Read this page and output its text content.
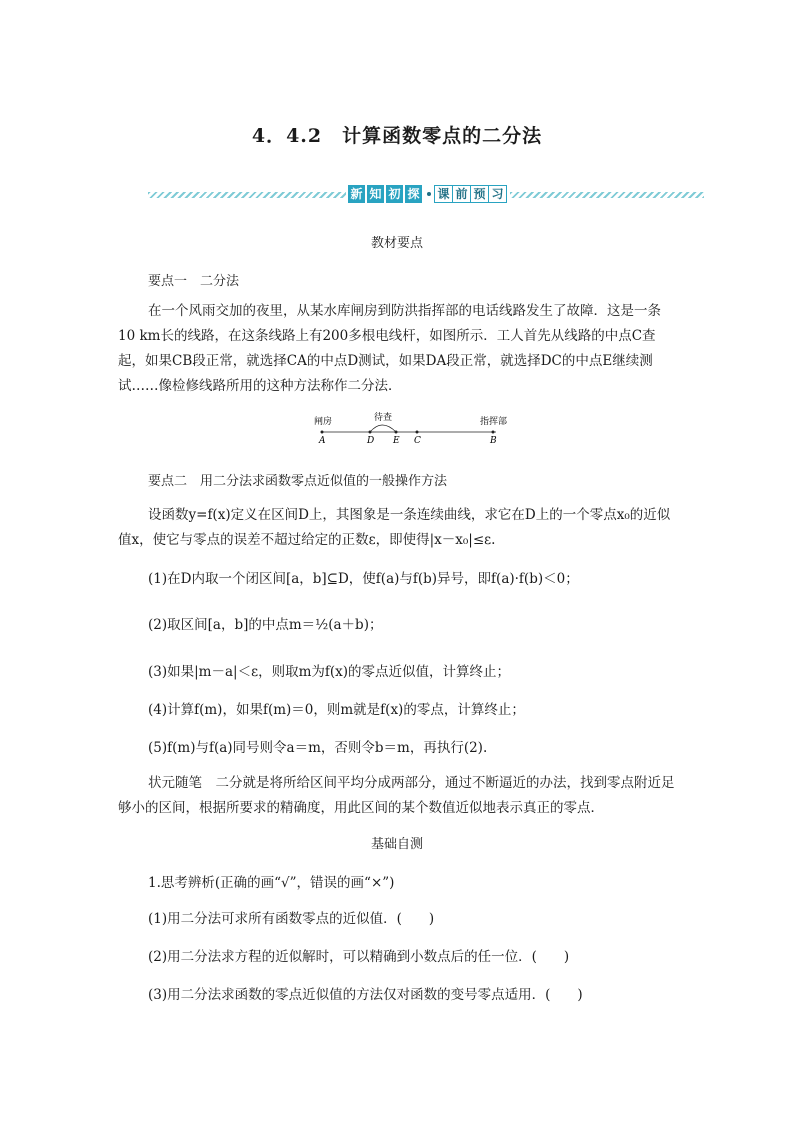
4．4.2　计算函数零点的二分法
新 知 初 探 课 前 预 习
教材要点
要点一　二分法
在一个风雨交加的夜里，从某水库闸房到防洪指挥部的电话线路发生了故障．这是一条10 km长的线路，在这条线路上有200多根电线杆，如图所示．工人首先从线路的中点C查起，如果CB段正常，就选择CA的中点D测试，如果DA段正常，就选择DC的中点E继续测试……像检修线路所用的这种方法称作二分法．
闸房	待查	指挥部
A	D E C	B
要点二　用二分法求函数零点近似值的一般操作方法
设函数y=f(x)定义在区间D上，其图象是一条连续曲线，求它在D上的一个零点x₀的近似值x，使它与零点的误差不超过给定的正数ε，即使得|x－x₀|≤ε.
(1)在D内取一个闭区间[a，b]⊆D，使f(a)与f(b)异号，即f(a)·f(b)＜0；
(2)取区间[a，b]的中点m＝½(a＋b)；
(3)如果|m－a|＜ε，则取m为f(x)的零点近似值，计算终止；
(4)计算f(m)，如果f(m)＝0，则m就是f(x)的零点，计算终止；
(5)f(m)与f(a)同号则令a＝m，否则令b＝m，再执行(2).
状元随笔　二分就是将所给区间平均分成两部分，通过不断逼近的办法，找到零点附近足够小的区间，根据所要求的精确度，用此区间的某个数值近似地表示真正的零点．
基础自测
1.思考辨析(正确的画“√”，错误的画“×”)
(1)用二分法可求所有函数零点的近似值．(　　)
(2)用二分法求方程的近似解时，可以精确到小数点后的任一位．(　　)
(3)用二分法求函数的零点近似值的方法仅对函数的变号零点适用．(　　)
